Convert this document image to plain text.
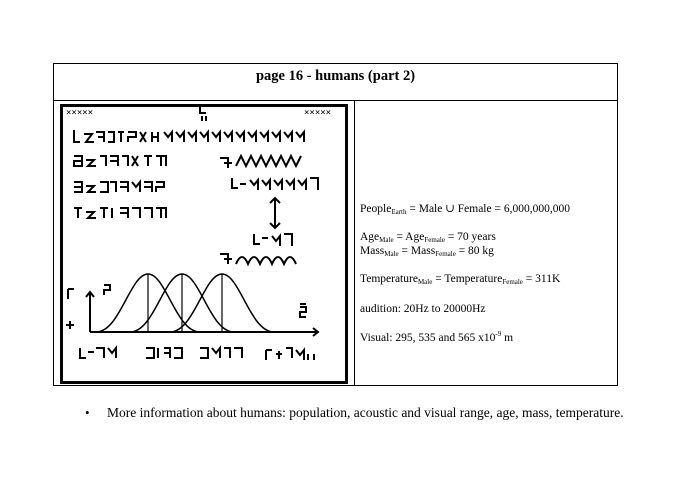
page 16 - humans (part 2)
×××××	×××××
People$_{Earth}$ = Male ∪ Female = 6,000,000,000
Age$_{Male}$ = Age$_{Female}$ = 70 years
Mass$_{Male}$ = Mass$_{Female}$ = 80 kg
Temperature$_{Male}$ = Temperature$_{Female}$ = 311K
audition: 20Hz to 20000Hz
Visual: 295, 535 and 565 $x10^{-9}$ m
• More information about humans: population, acoustic and visual range, age, mass, temperature.
